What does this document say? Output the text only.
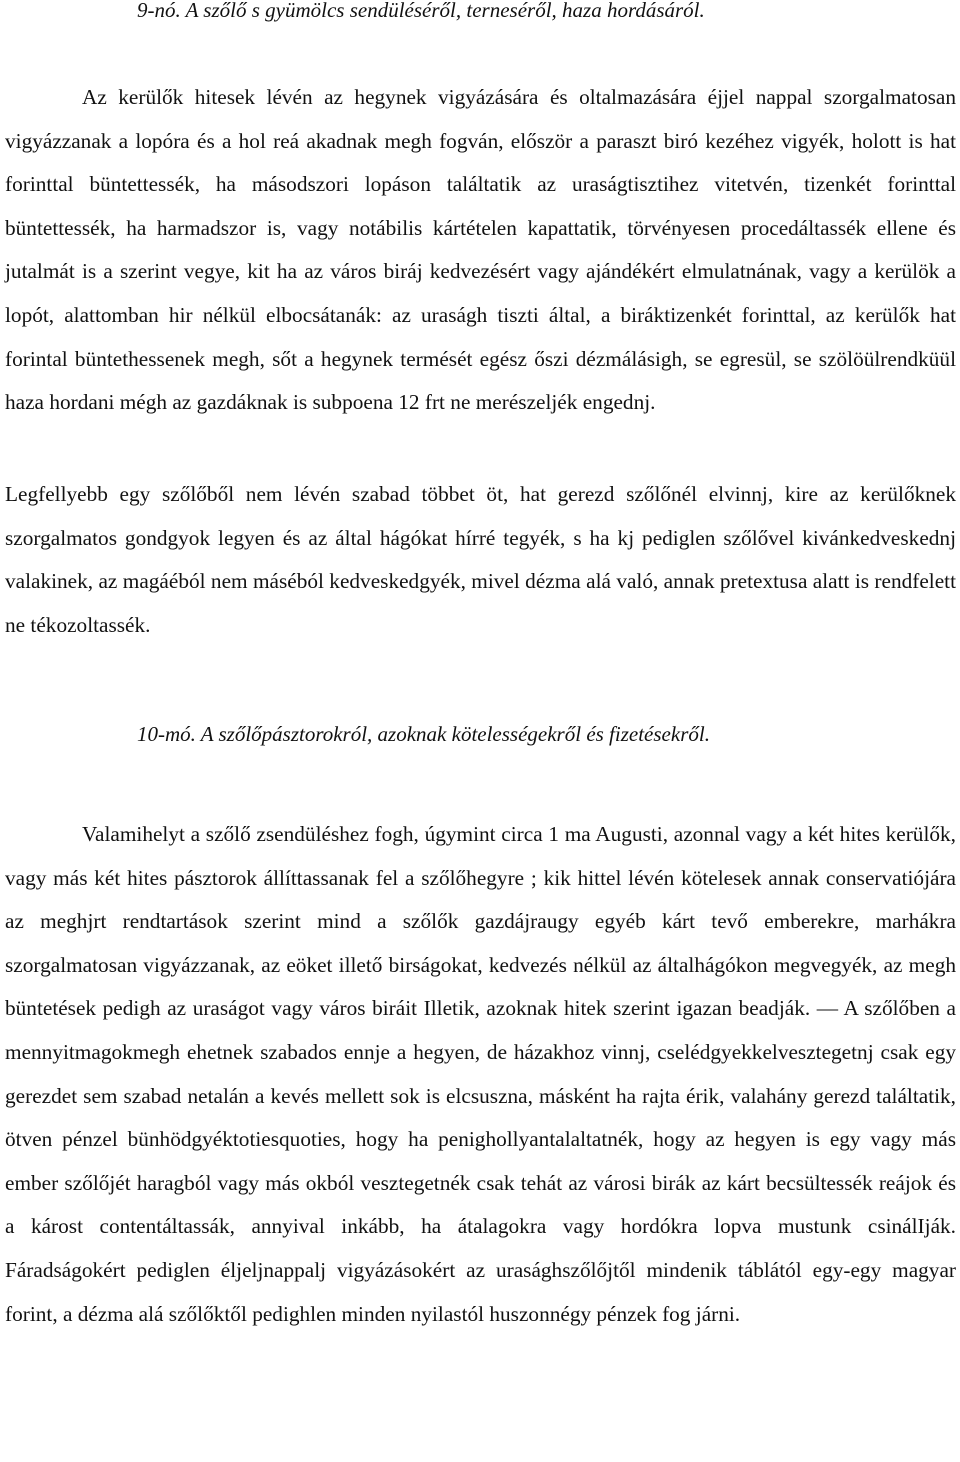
9-nó. A szőlő s gyümölcs sendüléséről, terneséről, haza hordásáról.

Az kerülők hitesek lévén az hegynek vigyázására és oltalmazására éjjel nappal szorgalmatosan vigyázzanak a lopóra és a hol reá akadnak megh fogván, először a paraszt biró kezéhez vigyék, holott is hat forinttal büntettessék, ha másodszori lopáson találtatik az uraságtisztihez vitetvén, tizenkét forinttal büntettessék, ha harmadszor is, vagy notábilis kártételen kapattatik, törvényesen procedáltassék ellene és jutalmát is a szerint vegye, kit ha az város biráj kedvezésért vagy ajándékért elmulatnának, vagy a kerülök a lopót, alattomban hir nélkül elbocsátanák: az uraságh tiszti által, a biráktizenkét forinttal, az kerülők hat forintal büntethessenek megh, sőt a hegynek termését egész őszi dézmálásigh, se egresül, se szölöülrendküül haza hordani mégh az gazdáknak is subpoena 12 frt ne merészeljék engednj.

Legfellyebb egy szőlőből nem lévén szabad többet öt, hat gerezd szőlőnél elvinnj, kire az kerülőknek szorgalmatos gondgyok legyen és az által hágókat hírré tegyék, s ha kj pediglen szőlővel kivánkedveskednj valakinek, az magáéból nem máséból kedveskedgyék, mivel dézma alá való, annak pretextusa alatt is rendfelett ne tékozoltassék.

10-mó. A szőlőpásztorokról, azoknak kötelességekről és fizetésekről.

Valamihelyt a szőlő zsendüléshez fogh, úgymint circa 1 ma Augusti, azonnal vagy a két hites kerülők, vagy más két hites pásztorok állíttassanak fel a szőlőhegyre ; kik hittel lévén kötelesek annak conservatiójára az meghjrt rendtartások szerint mind a szőlők gazdájraugy egyéb kárt tevő emberekre, marhákra szorgalmatosan vigyázzanak, az eöket illető birságokat, kedvezés nélkül az általhágókon megvegyék, az megh büntetések pedigh az uraságot vagy város biráit Illetik, azoknak hitek szerint igazan beadják. — A szőlőben a mennyitmagokmegh ehetnek szabados ennje a hegyen, de házakhoz vinnj, cselédgyekkelvesztegetnj csak egy gerezdet sem szabad netalán a kevés mellett sok is elcsuszna, másként ha rajta érik, valahány gerezd találtatik, ötven pénzel bünhödgyéktotiesquoties, hogy ha penighollyantalaltatnék, hogy az hegyen is egy vagy más ember szőlőjét haragból vagy más okból vesztegetnék csak tehát az városi birák az kárt becsültessék reájok és a károst contentáltassák, annyival inkább, ha átalagokra vagy hordókra lopva mustunk csinálIják. Fáradságokért pediglen éljeljnappalj vigyázásokért az urasághszőlőjtől mindenik táblától egy-egy magyar forint, a dézma alá szőlőktől pedighlen minden nyilastól huszonnégy pénzek fog járni.
